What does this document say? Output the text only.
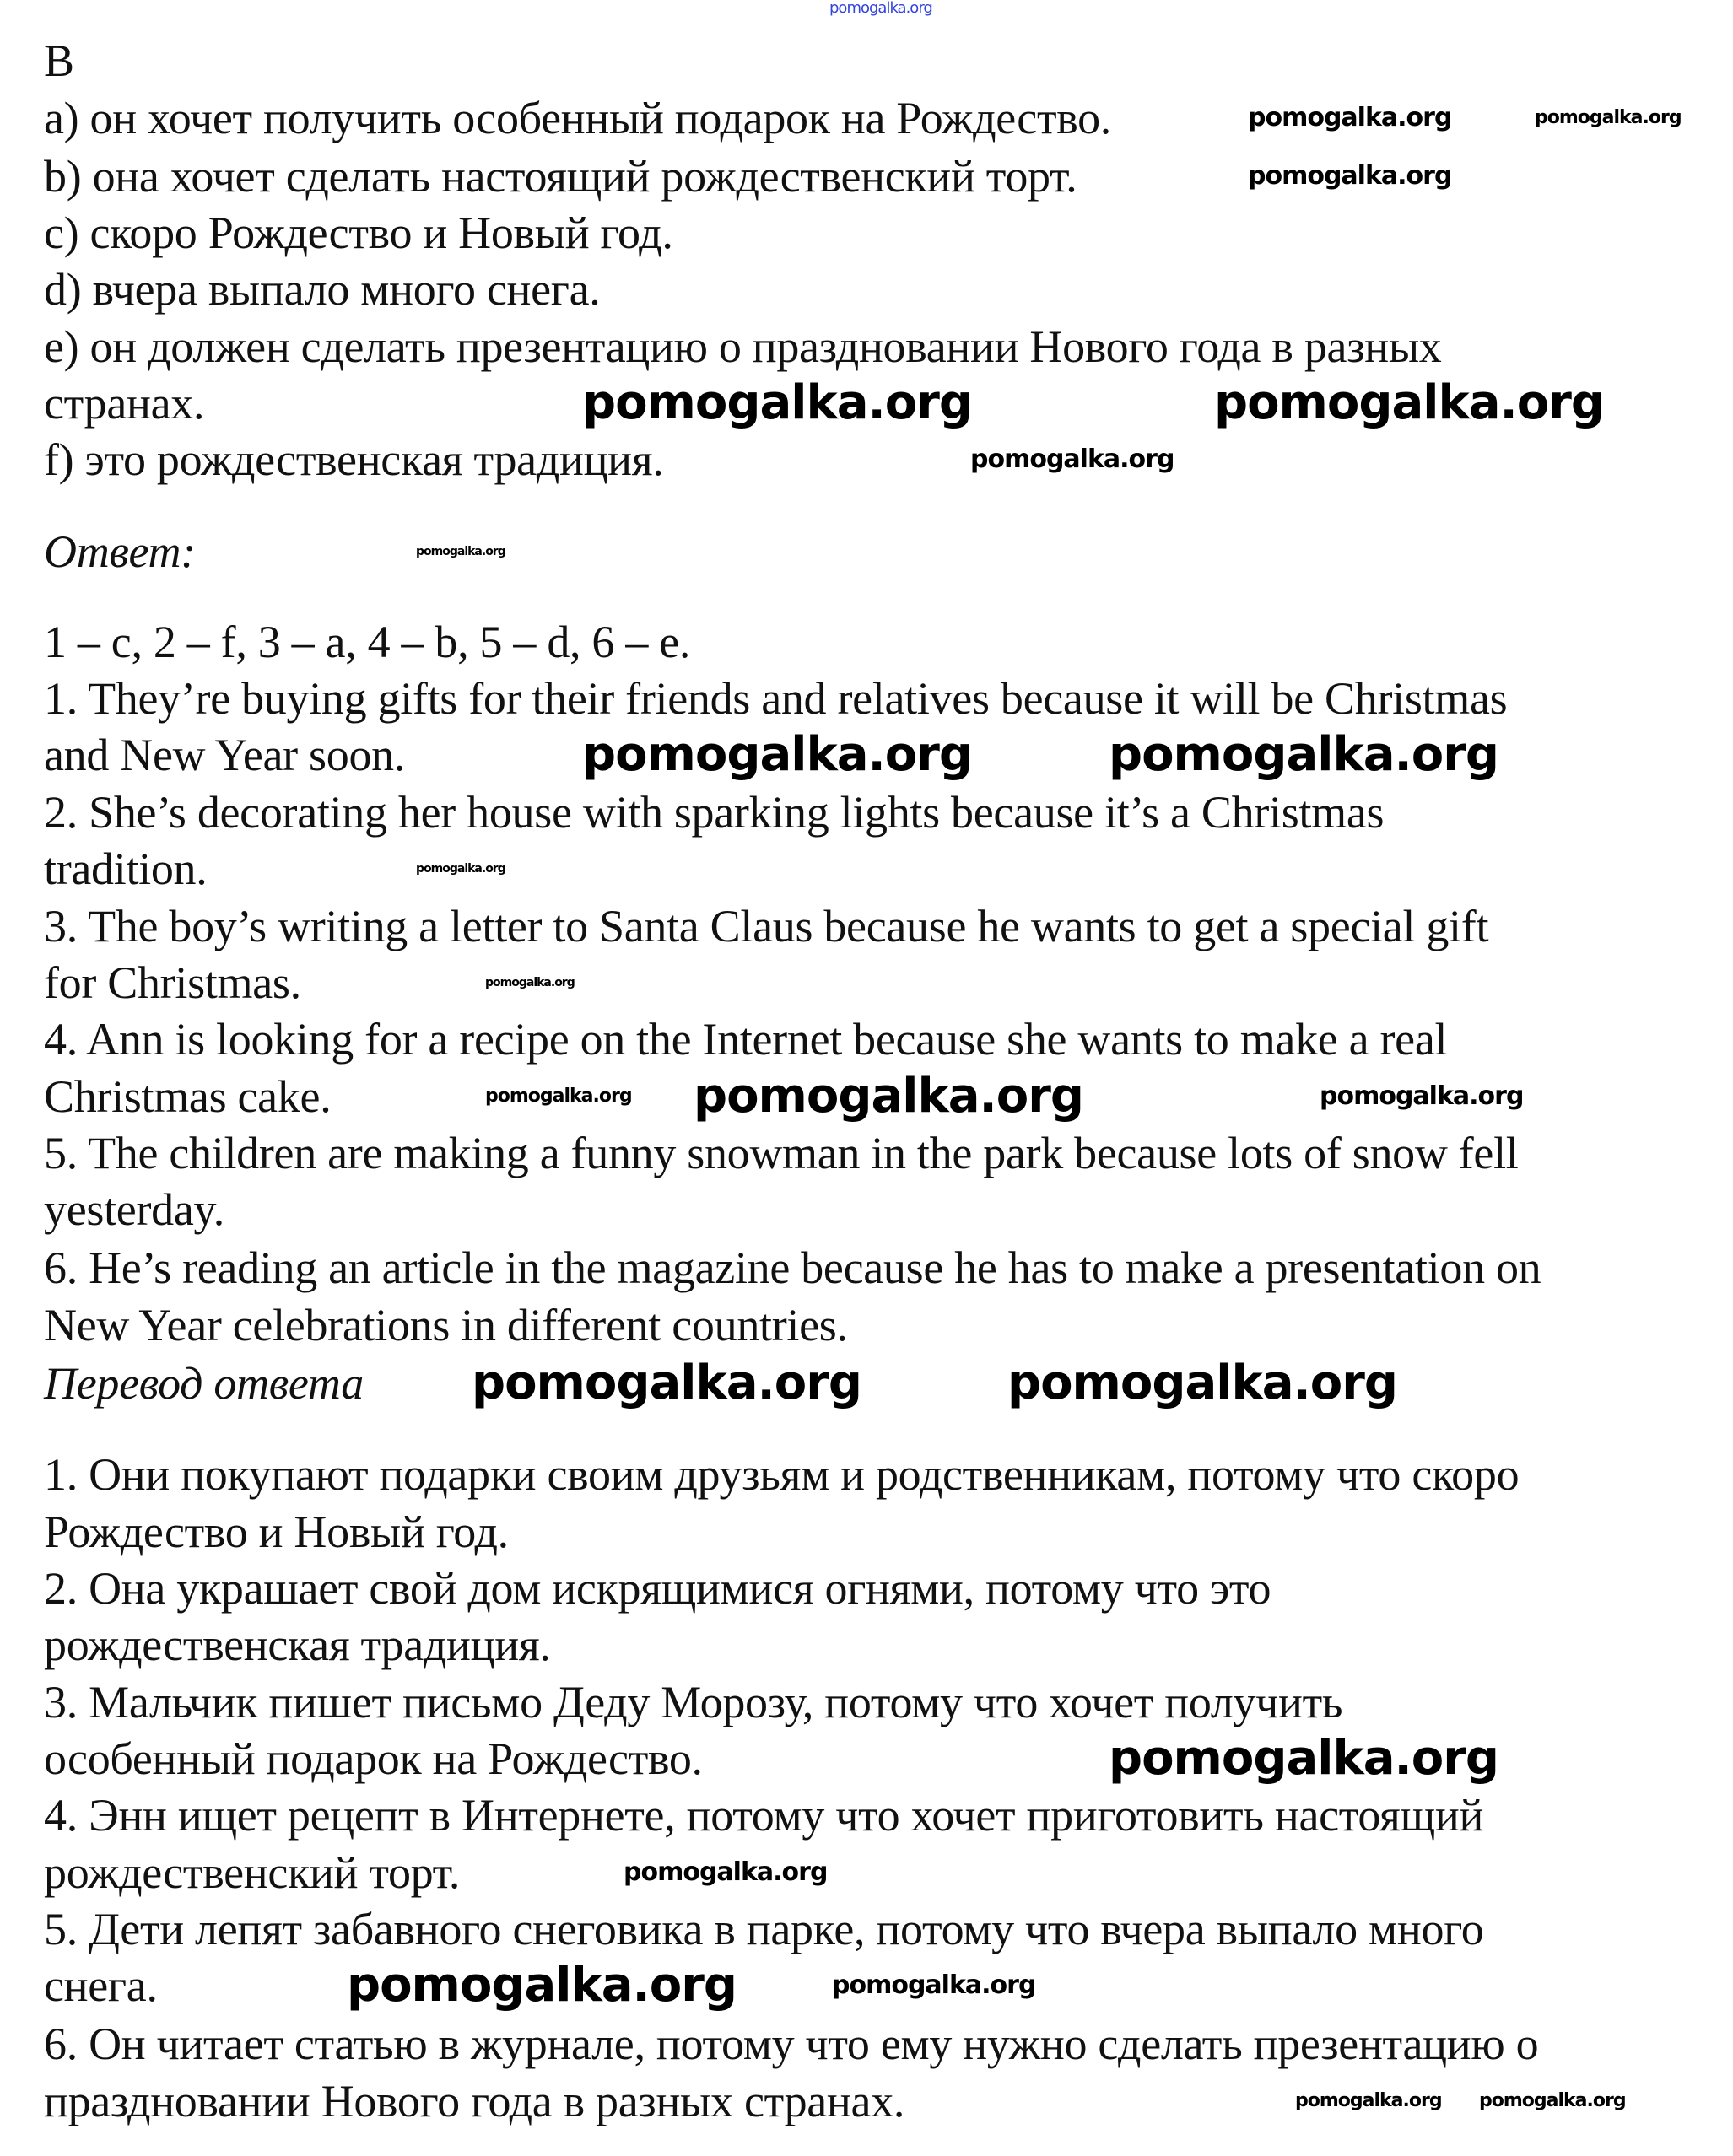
B
a) он хочет получить особенный подарок на Рождество.
b) она хочет сделать настоящий рождественский торт.
c) скоро Рождество и Новый год.
d) вчера выпало много снега.
e) он должен сделать презентацию о праздновании Нового года в разных
странах.
f) это рождественская традиция.
Ответ:
1 – c, 2 – f, 3 – a, 4 – b, 5 – d, 6 – e.
1. They’re buying gifts for their friends and relatives because it will be Christmas
and New Year soon.
2. She’s decorating her house with sparking lights because it’s a Christmas
tradition.
3. The boy’s writing a letter to Santa Claus because he wants to get a special gift
for Christmas.
4. Ann is looking for a recipe on the Internet because she wants to make a real
Christmas cake.
5. The children are making a funny snowman in the park because lots of snow fell
yesterday.
6. He’s reading an article in the magazine because he has to make a presentation on
New Year celebrations in different countries.
Перевод ответа
1. Они покупают подарки своим друзьям и родственникам, потому что скоро
Рождество и Новый год.
2. Она украшает свой дом искрящимися огнями, потому что это
рождественская традиция.
3. Мальчик пишет письмо Деду Морозу, потому что хочет получить
особенный подарок на Рождество.
4. Энн ищет рецепт в Интернете, потому что хочет приготовить настоящий
рождественский торт.
5. Дети лепят забавного снеговика в парке, потому что вчера выпало много
снега.
6. Он читает статью в журнале, потому что ему нужно сделать презентацию о
праздновании Нового года в разных странах.
pomogalka.org
pomogalka.org	pomogalka.org
pomogalka.org
pomogalka.org
pomogalka.org	pomogalka.org
pomogalka.org
pomogalka.org	pomogalka.org
pomogalka.org
pomogalka.org
pomogalka.org pomogalka.org	pomogalka.org
pomogalka.org	pomogalka.org
pomogalka.org
pomogalka.org
pomogalka.org	pomogalka.org
pomogalka.org pomogalka.org
